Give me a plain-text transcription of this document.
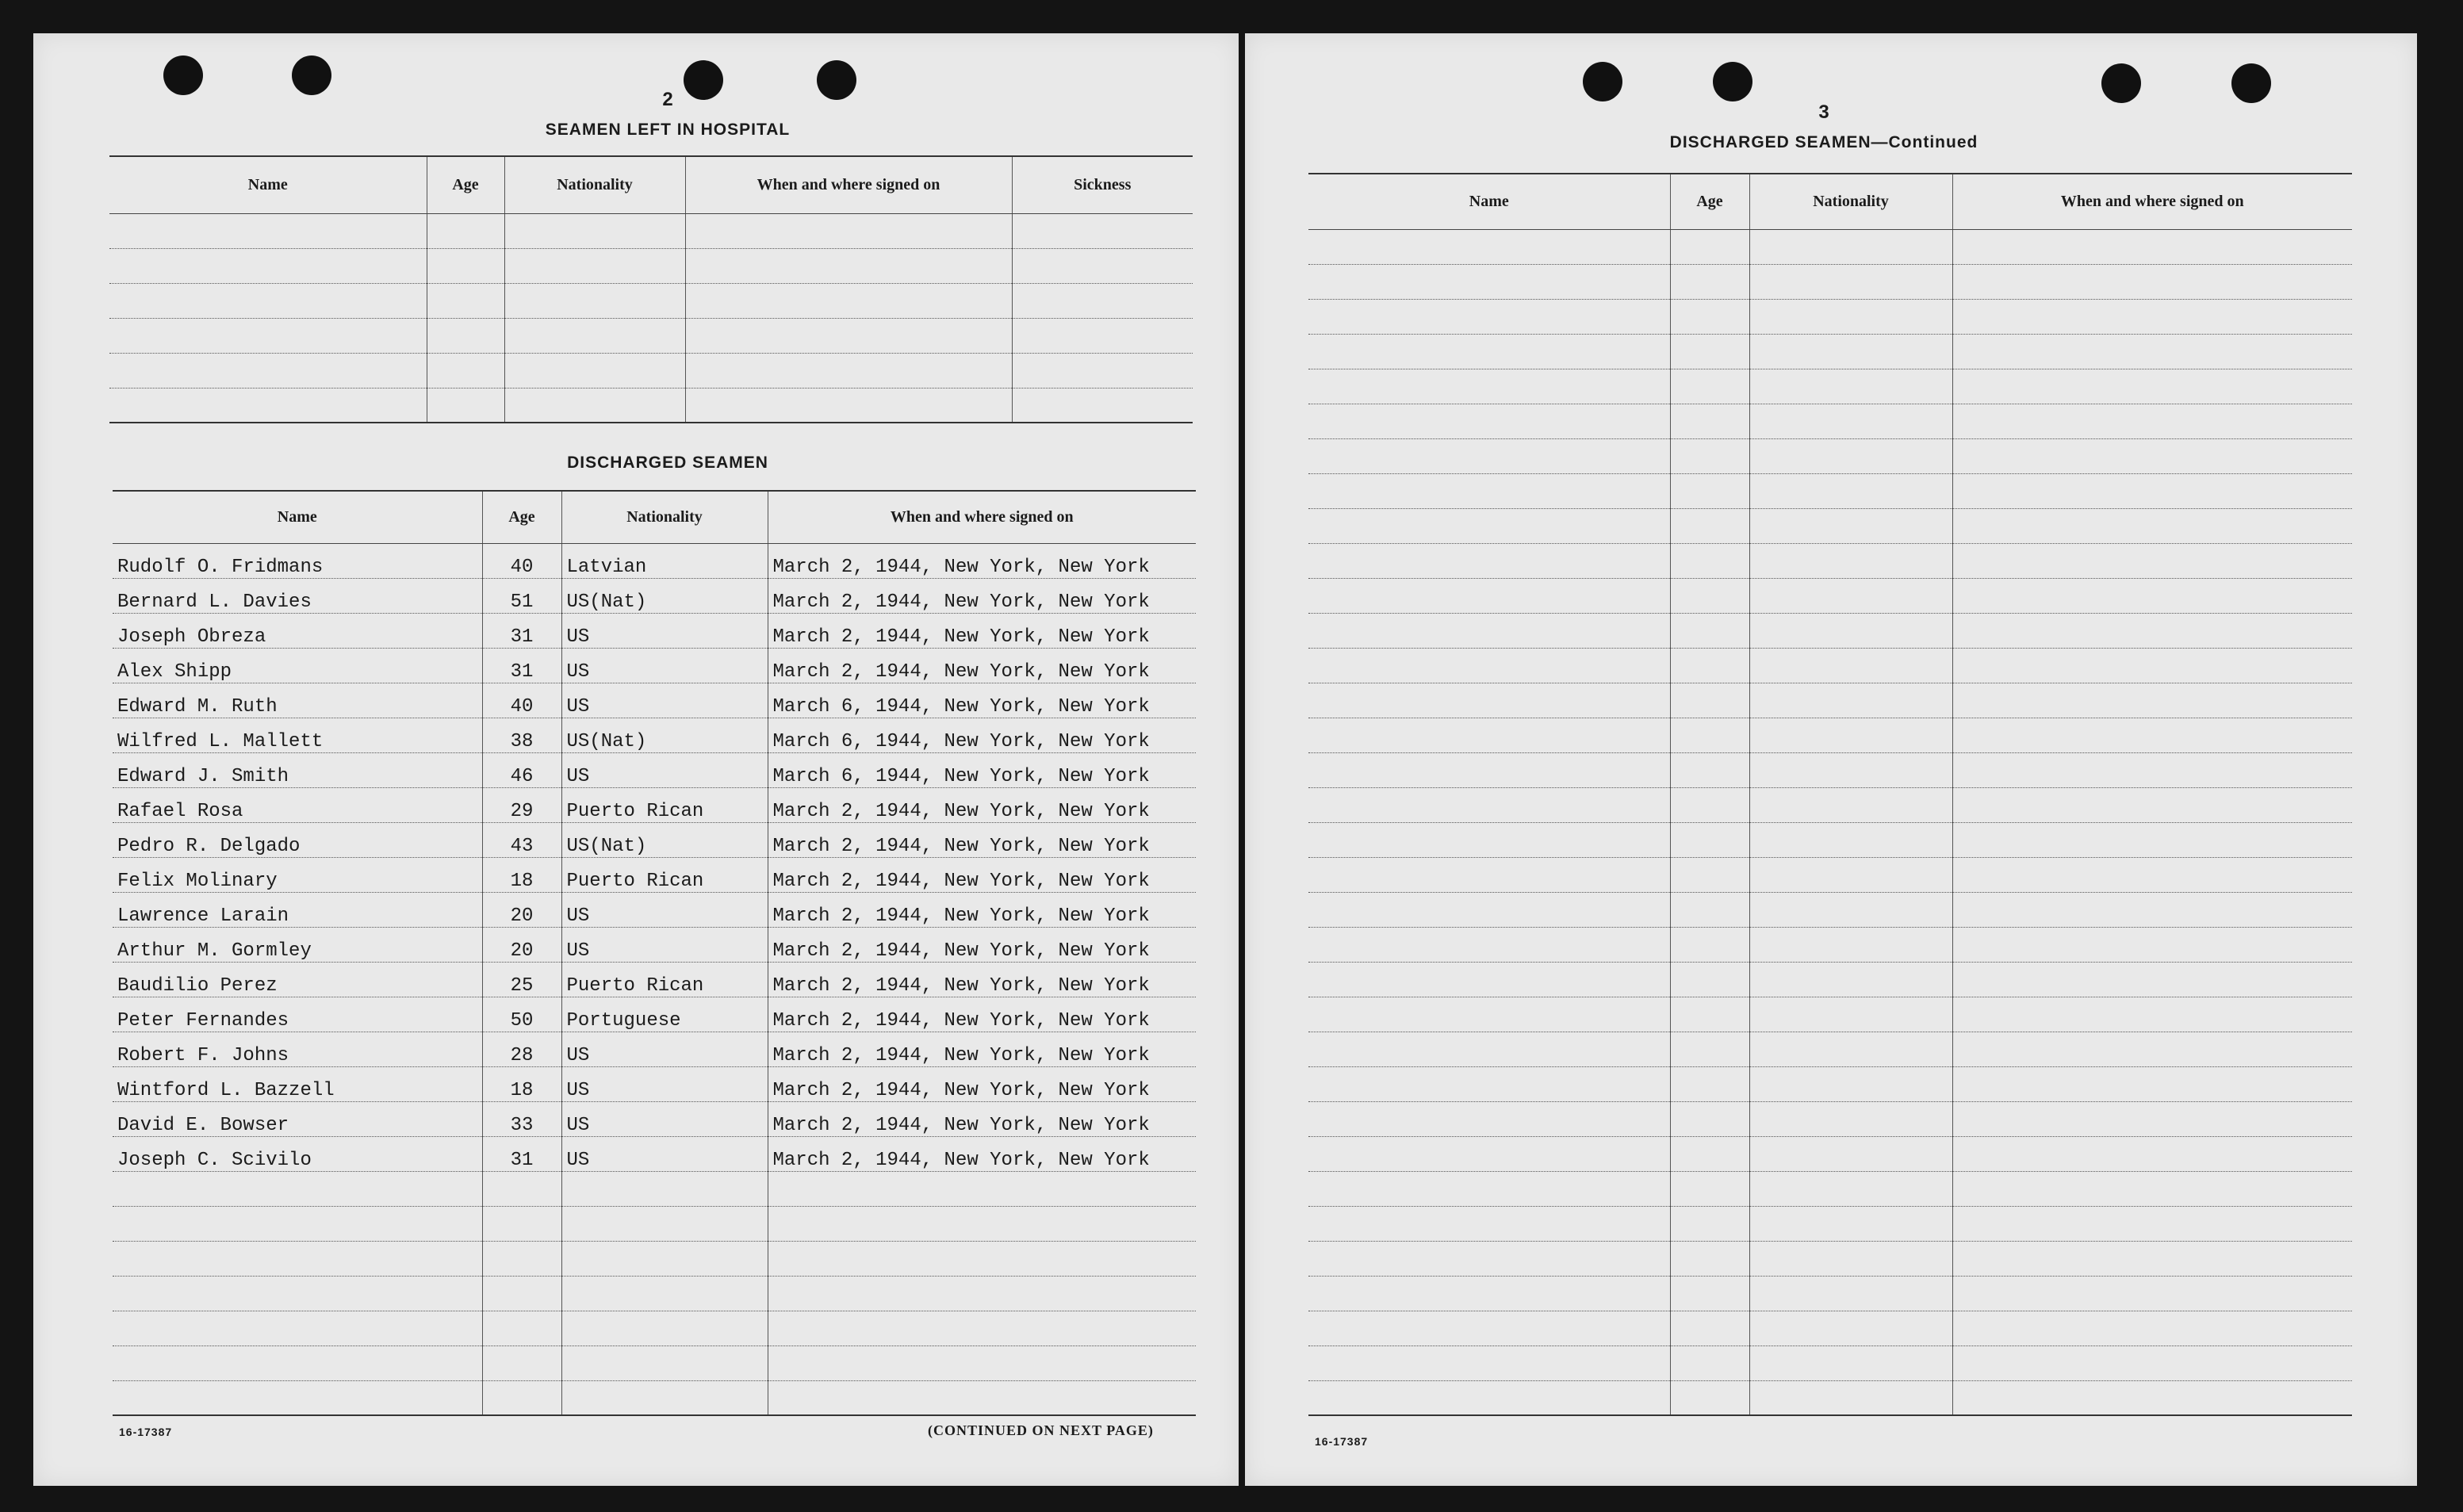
2
SEAMEN LEFT IN HOSPITAL
Name	Age	Nationality	When and where signed on	Sickness

DISCHARGED SEAMEN
Name	Age	Nationality	When and where signed on
Rudolf O. Fridmans	40	Latvian	March 2, 1944, New York, New York
Bernard L. Davies	51	US(Nat)	March 2, 1944, New York, New York
Joseph Obreza	31	US	March 2, 1944, New York, New York
Alex Shipp	31	US	March 2, 1944, New York, New York
Edward M. Ruth	40	US	March 6, 1944, New York, New York
Wilfred L. Mallett	38	US(Nat)	March 6, 1944, New York, New York
Edward J. Smith	46	US	March 6, 1944, New York, New York
Rafael Rosa	29	Puerto Rican	March 2, 1944, New York, New York
Pedro R. Delgado	43	US(Nat)	March 2, 1944, New York, New York
Felix Molinary	18	Puerto Rican	March 2, 1944, New York, New York
Lawrence Larain	20	US	March 2, 1944, New York, New York
Arthur M. Gormley	20	US	March 2, 1944, New York, New York
Baudilio Perez	25	Puerto Rican	March 2, 1944, New York, New York
Peter Fernandes	50	Portuguese	March 2, 1944, New York, New York
Robert F. Johns	28	US	March 2, 1944, New York, New York
Wintford L. Bazzell	18	US	March 2, 1944, New York, New York
David E. Bowser	33	US	March 2, 1944, New York, New York
Joseph C. Scivilo	31	US	March 2, 1944, New York, New York

16-17387	(CONTINUED ON NEXT PAGE)
3
DISCHARGED SEAMEN—Continued
Name	Age	Nationality	When and where signed on

16-17387
